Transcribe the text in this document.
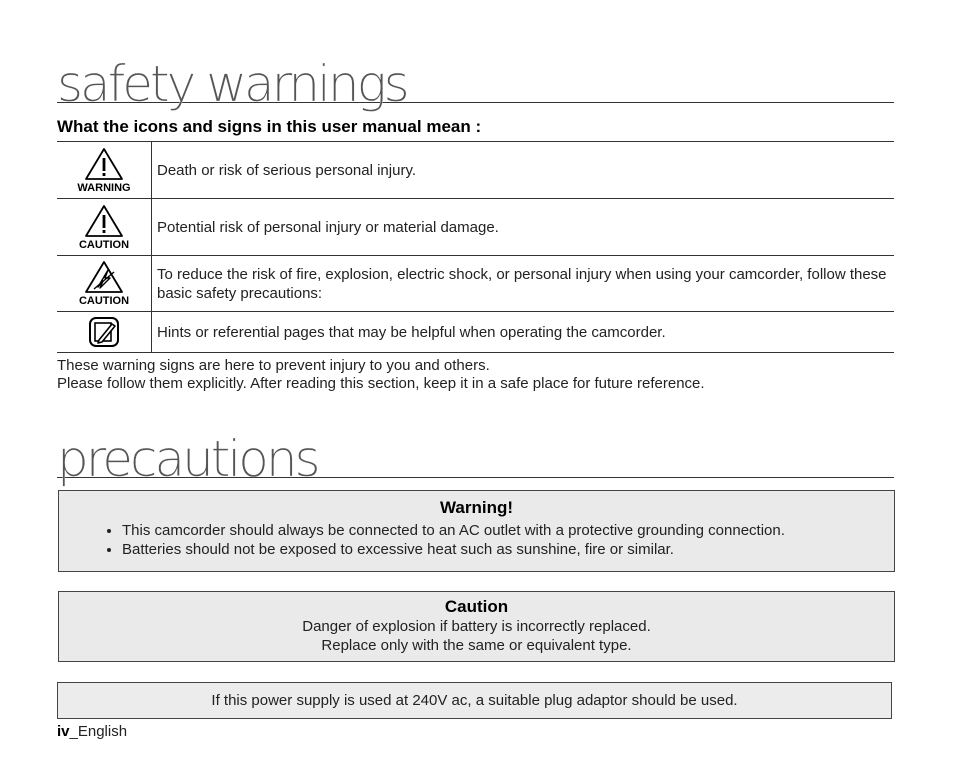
safety warnings
What the icons and signs in this user manual mean :
WARNING	Death or risk of serious personal injury.

CAUTION	Potential risk of personal injury or material damage.

CAUTION	To reduce the risk of fire, explosion, electric shock, or personal injury when using your camcorder, follow these basic safety precautions:

	Hints or referential pages that may be helpful when operating the camcorder.
These warning signs are here to prevent injury to you and others.
Please follow them explicitly. After reading this section, keep it in a safe place for future reference.
precautions
Warning!
• This camcorder should always be connected to an AC outlet with a protective grounding connection.
• Batteries should not be exposed to excessive heat such as sunshine, fire or similar.
Caution
Danger of explosion if battery is incorrectly replaced.
Replace only with the same or equivalent type.
If this power supply is used at 240V ac, a suitable plug adaptor should be used.
iv_English
